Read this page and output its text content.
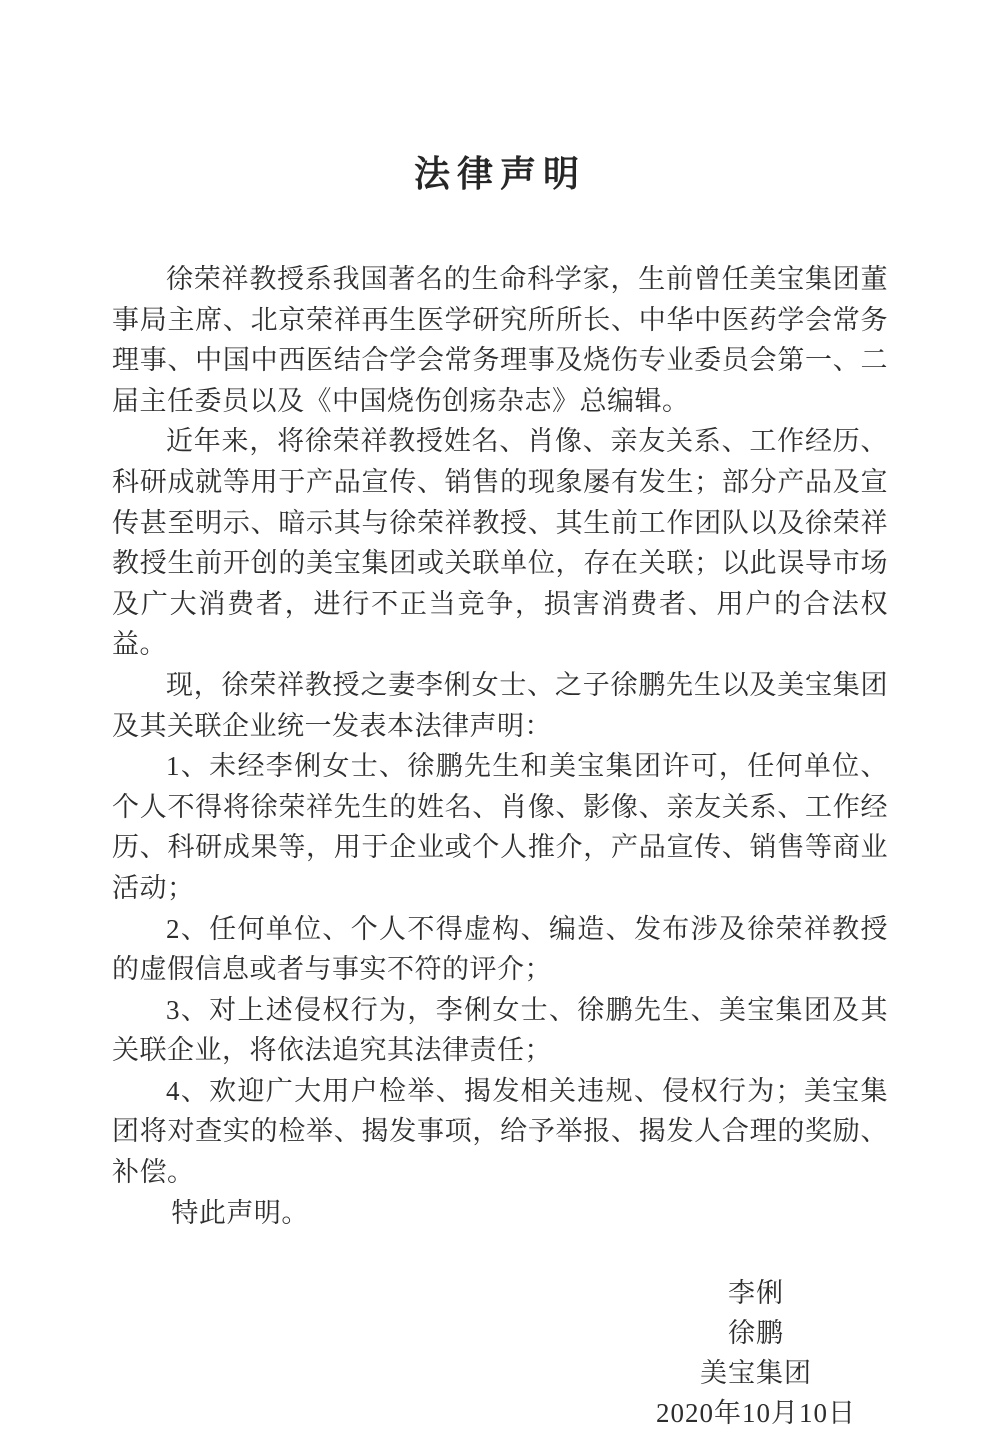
法律声明

徐荣祥教授系我国著名的生命科学家，生前曾任美宝集团董事局主席、北京荣祥再生医学研究所所长、中华中医药学会常务理事、中国中西医结合学会常务理事及烧伤专业委员会第一、二届主任委员以及《中国烧伤创疡杂志》总编辑。

近年来，将徐荣祥教授姓名、肖像、亲友关系、工作经历、科研成就等用于产品宣传、销售的现象屡有发生；部分产品及宣传甚至明示、暗示其与徐荣祥教授、其生前工作团队以及徐荣祥教授生前开创的美宝集团或关联单位，存在关联；以此误导市场及广大消费者，进行不正当竞争，损害消费者、用户的合法权益。

现，徐荣祥教授之妻李俐女士、之子徐鹏先生以及美宝集团及其关联企业统一发表本法律声明：

1、未经李俐女士、徐鹏先生和美宝集团许可，任何单位、个人不得将徐荣祥先生的姓名、肖像、影像、亲友关系、工作经历、科研成果等，用于企业或个人推介，产品宣传、销售等商业活动；

2、任何单位、个人不得虚构、编造、发布涉及徐荣祥教授的虚假信息或者与事实不符的评介；

3、对上述侵权行为，李俐女士、徐鹏先生、美宝集团及其关联企业，将依法追究其法律责任；

4、欢迎广大用户检举、揭发相关违规、侵权行为；美宝集团将对查实的检举、揭发事项，给予举报、揭发人合理的奖励、补偿。

特此声明。

李俐

徐鹏

美宝集团

2020年10月10日
